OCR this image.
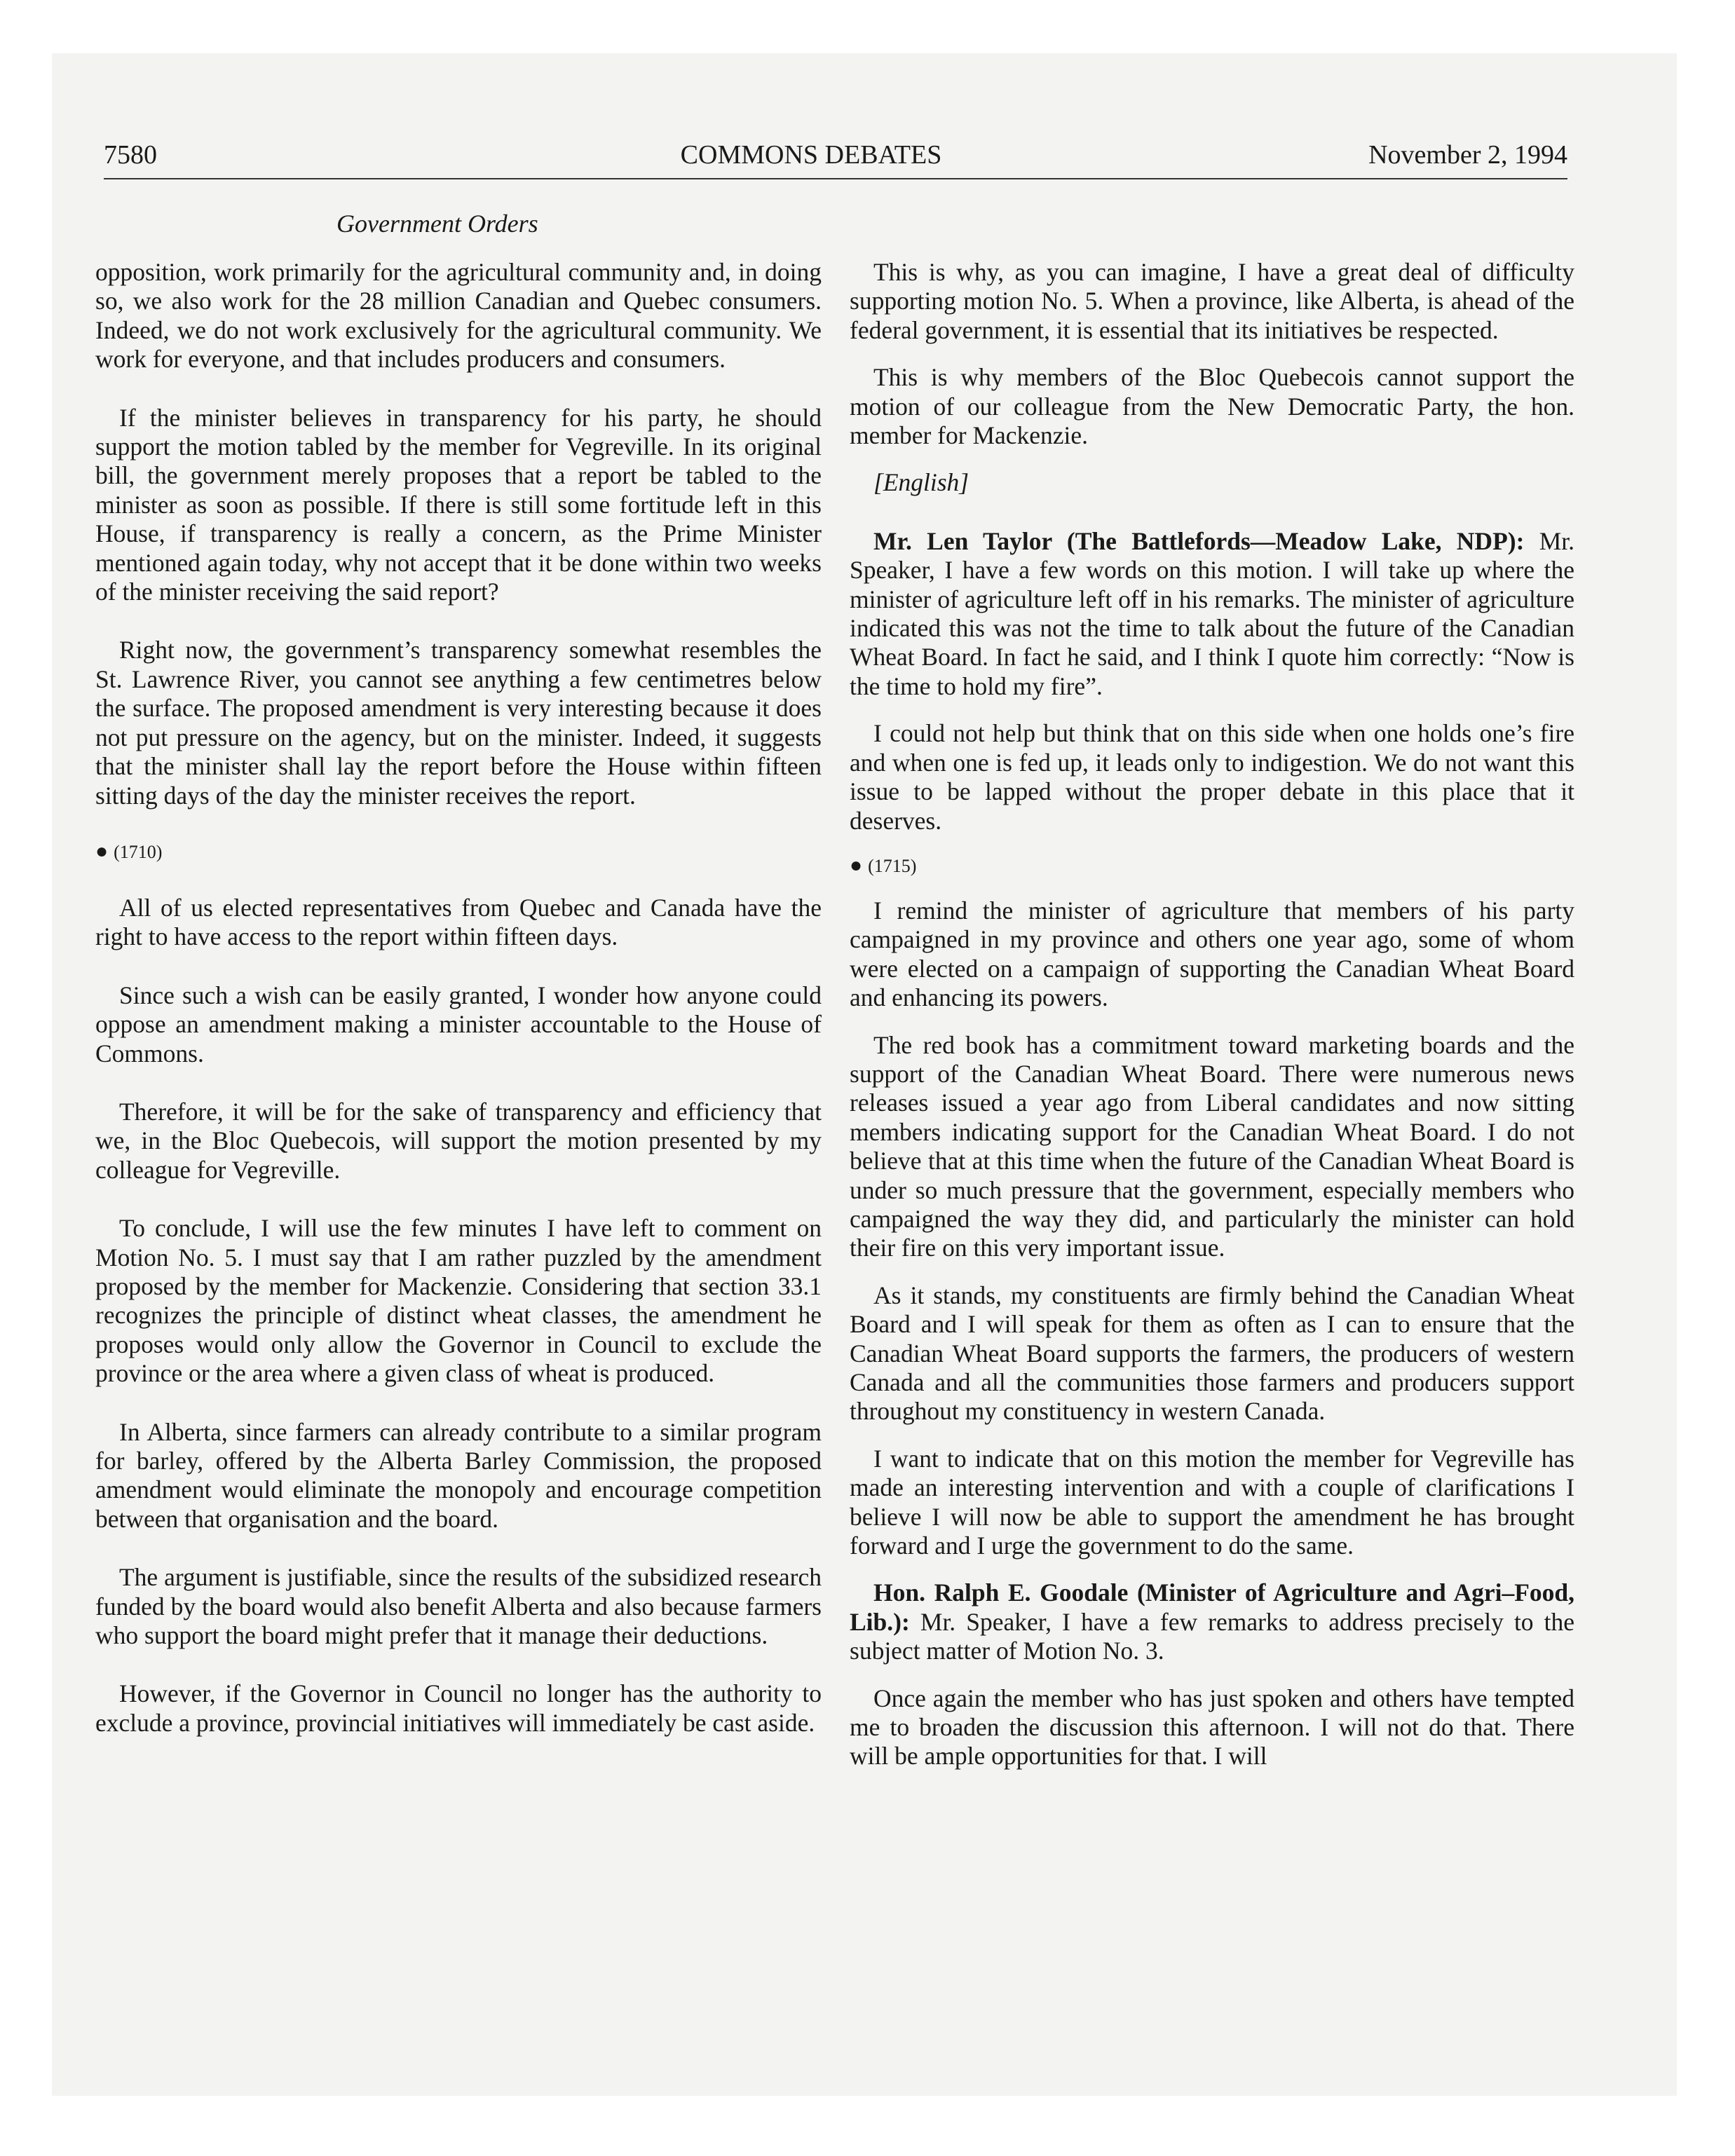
7580	COMMONS DEBATES	November 2, 1994
Government Orders

opposition, work primarily for the agricultural community and, in doing so, we also work for the 28 million Canadian and Quebec consumers. Indeed, we do not work exclusively for the agricultural community. We work for everyone, and that includes producers and consumers.

If the minister believes in transparency for his party, he should support the motion tabled by the member for Vegreville. In its original bill, the government merely proposes that a report be tabled to the minister as soon as possible. If there is still some fortitude left in this House, if transparency is really a concern, as the Prime Minister mentioned again today, why not accept that it be done within two weeks of the minister receiving the said report?

Right now, the government’s transparency somewhat resembles the St. Lawrence River, you cannot see anything a few centimetres below the surface. The proposed amendment is very interesting because it does not put pressure on the agency, but on the minister. Indeed, it suggests that the minister shall lay the report before the House within fifteen sitting days of the day the minister receives the report.

● (1710)

All of us elected representatives from Quebec and Canada have the right to have access to the report within fifteen days.

Since such a wish can be easily granted, I wonder how anyone could oppose an amendment making a minister accountable to the House of Commons.

Therefore, it will be for the sake of transparency and efficiency that we, in the Bloc Quebecois, will support the motion presented by my colleague for Vegreville.

To conclude, I will use the few minutes I have left to comment on Motion No. 5. I must say that I am rather puzzled by the amendment proposed by the member for Mackenzie. Considering that section 33.1 recognizes the principle of distinct wheat classes, the amendment he proposes would only allow the Governor in Council to exclude the province or the area where a given class of wheat is produced.

In Alberta, since farmers can already contribute to a similar program for barley, offered by the Alberta Barley Commission, the proposed amendment would eliminate the monopoly and encourage competition between that organisation and the board.

The argument is justifiable, since the results of the subsidized research funded by the board would also benefit Alberta and also because farmers who support the board might prefer that it manage their deductions.

However, if the Governor in Council no longer has the authority to exclude a province, provincial initiatives will immediately be cast aside.

This is why, as you can imagine, I have a great deal of difficulty supporting motion No. 5. When a province, like Alberta, is ahead of the federal government, it is essential that its initiatives be respected.

This is why members of the Bloc Quebecois cannot support the motion of our colleague from the New Democratic Party, the hon. member for Mackenzie.

[English]

Mr. Len Taylor (The Battlefords—Meadow Lake, NDP): Mr. Speaker, I have a few words on this motion. I will take up where the minister of agriculture left off in his remarks. The minister of agriculture indicated this was not the time to talk about the future of the Canadian Wheat Board. In fact he said, and I think I quote him correctly: “Now is the time to hold my fire”.

I could not help but think that on this side when one holds one’s fire and when one is fed up, it leads only to indigestion. We do not want this issue to be lapped without the proper debate in this place that it deserves.

● (1715)

I remind the minister of agriculture that members of his party campaigned in my province and others one year ago, some of whom were elected on a campaign of supporting the Canadian Wheat Board and enhancing its powers.

The red book has a commitment toward marketing boards and the support of the Canadian Wheat Board. There were numerous news releases issued a year ago from Liberal candidates and now sitting members indicating support for the Canadian Wheat Board. I do not believe that at this time when the future of the Canadian Wheat Board is under so much pressure that the government, especially members who campaigned the way they did, and particularly the minister can hold their fire on this very important issue.

As it stands, my constituents are firmly behind the Canadian Wheat Board and I will speak for them as often as I can to ensure that the Canadian Wheat Board supports the farmers, the producers of western Canada and all the communities those farmers and producers support throughout my constituency in western Canada.

I want to indicate that on this motion the member for Vegreville has made an interesting intervention and with a couple of clarifications I believe I will now be able to support the amendment he has brought forward and I urge the government to do the same.

Hon. Ralph E. Goodale (Minister of Agriculture and Agri–Food, Lib.): Mr. Speaker, I have a few remarks to address precisely to the subject matter of Motion No. 3.

Once again the member who has just spoken and others have tempted me to broaden the discussion this afternoon. I will not do that. There will be ample opportunities for that. I will
